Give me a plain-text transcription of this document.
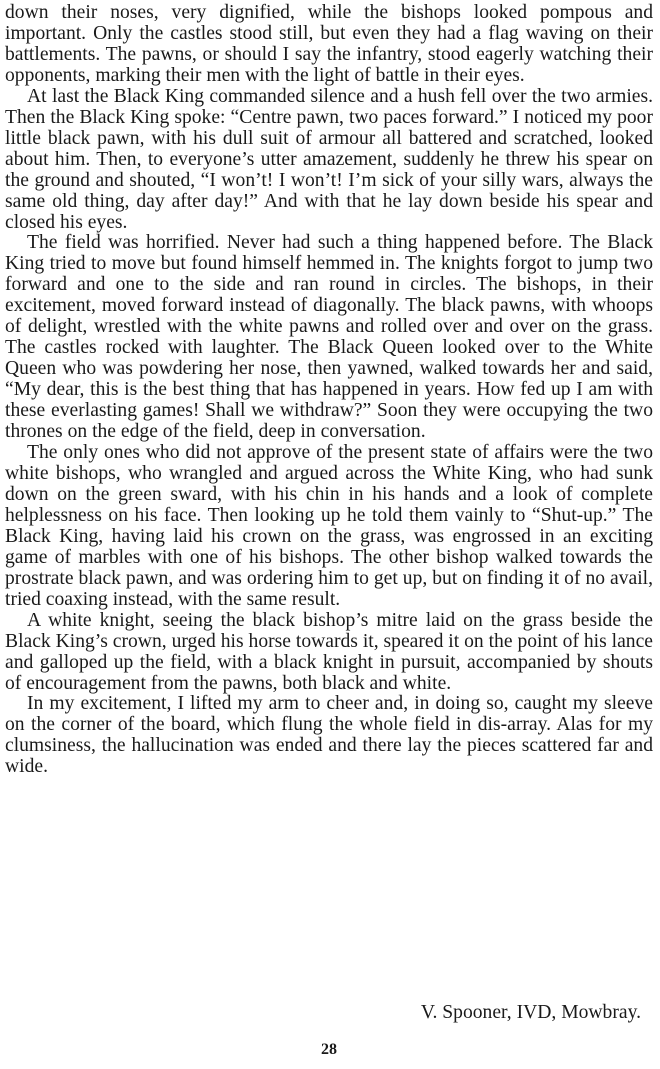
down their noses, very dignified, while the bishops looked pompous and important. Only the castles stood still, but even they had a flag waving on their battlements. The pawns, or should I say the infantry, stood eagerly watching their opponents, marking their men with the light of battle in their eyes.

At last the Black King commanded silence and a hush fell over the two armies. Then the Black King spoke: “Centre pawn, two paces forward.” I noticed my poor little black pawn, with his dull suit of armour all battered and scratched, looked about him. Then, to everyone’s utter amazement, suddenly he threw his spear on the ground and shouted, “I won’t! I won’t! I’m sick of your silly wars, always the same old thing, day after day!” And with that he lay down beside his spear and closed his eyes.

The field was horrified. Never had such a thing happened before. The Black King tried to move but found himself hemmed in. The knights forgot to jump two forward and one to the side and ran round in circles. The bishops, in their excitement, moved forward instead of diagonally. The black pawns, with whoops of delight, wrestled with the white pawns and rolled over and over on the grass. The castles rocked with laughter. The Black Queen looked over to the White Queen who was powdering her nose, then yawned, walked towards her and said, “My dear, this is the best thing that has happened in years. How fed up I am with these everlasting games! Shall we withdraw?” Soon they were occupying the two thrones on the edge of the field, deep in conversation.

The only ones who did not approve of the present state of affairs were the two white bishops, who wrangled and argued across the White King, who had sunk down on the green sward, with his chin in his hands and a look of complete helplessness on his face. Then looking up he told them vainly to “Shut-up.” The Black King, having laid his crown on the grass, was engrossed in an exciting game of marbles with one of his bishops. The other bishop walked towards the prostrate black pawn, and was ordering him to get up, but on finding it of no avail, tried coaxing instead, with the same result.

A white knight, seeing the black bishop’s mitre laid on the grass beside the Black King’s crown, urged his horse towards it, speared it on the point of his lance and galloped up the field, with a black knight in pursuit, accompanied by shouts of encouragement from the pawns, both black and white.

In my excitement, I lifted my arm to cheer and, in doing so, caught my sleeve on the corner of the board, which flung the whole field in dis-array. Alas for my clumsiness, the hallucination was ended and there lay the pieces scattered far and wide.

V. Spooner, IVD, Mowbray.
28
